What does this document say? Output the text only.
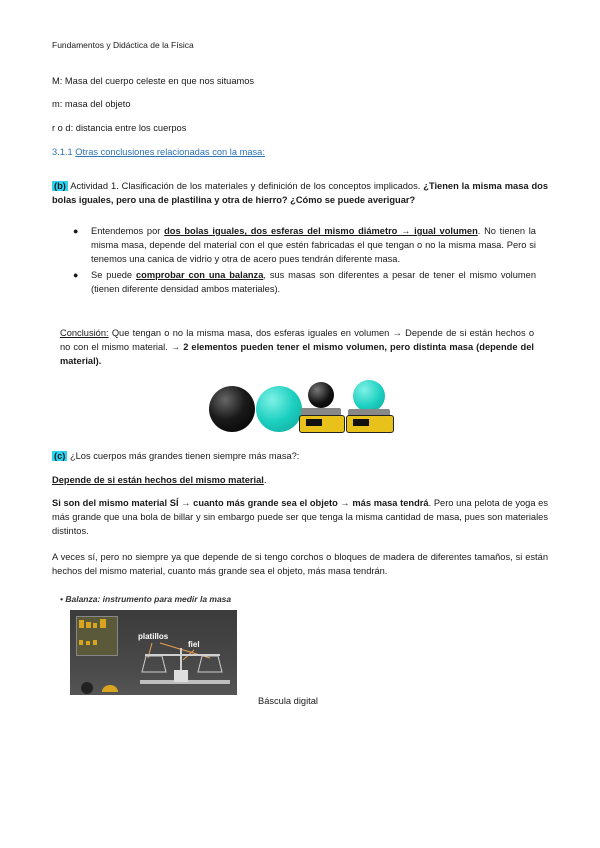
Fundamentos y Didáctica de la Física
M: Masa del cuerpo celeste en que nos situamos
m: masa del objeto
r o d: distancia entre los cuerpos
3.1.1 Otras conclusiones relacionadas con la masa:
(b) Actividad 1. Clasificación de los materiales y definición de los conceptos implicados. ¿Tienen la misma masa dos bolas iguales, pero una de plastilina y otra de hierro? ¿Cómo se puede averiguar?
● Entendemos por dos bolas iguales, dos esferas del mismo diámetro → igual volumen. No tienen la misma masa, depende del material con el que estén fabricadas el que tengan o no la misma masa. Pero si tenemos una canica de vidrio y otra de acero pues tendrán diferente masa.
● Se puede comprobar con una balanza, sus masas son diferentes a pesar de tener el mismo volumen (tienen diferente densidad ambos materiales).
Conclusión: Que tengan o no la misma masa, dos esferas iguales en volumen → Depende de si están hechos o no con el mismo material. → 2 elementos pueden tener el mismo volumen, pero distinta masa (depende del material).
(c) ¿Los cuerpos más grandes tienen siempre más masa?:
Depende de si están hechos del mismo material.
Si son del mismo material SÍ → cuanto más grande sea el objeto → más masa tendrá. Pero una pelota de yoga es más grande que una bola de billar y sin embargo puede ser que tenga la misma cantidad de masa, pues son materiales distintos.
A veces sí, pero no siempre ya que depende de si tengo corchos o bloques de madera de diferentes tamaños, si están hechos del mismo material, cuanto más grande sea el objeto, más masa tendrán.
• Balanza: instrumento para medir la masa
platillos
fiel
Báscula digital
